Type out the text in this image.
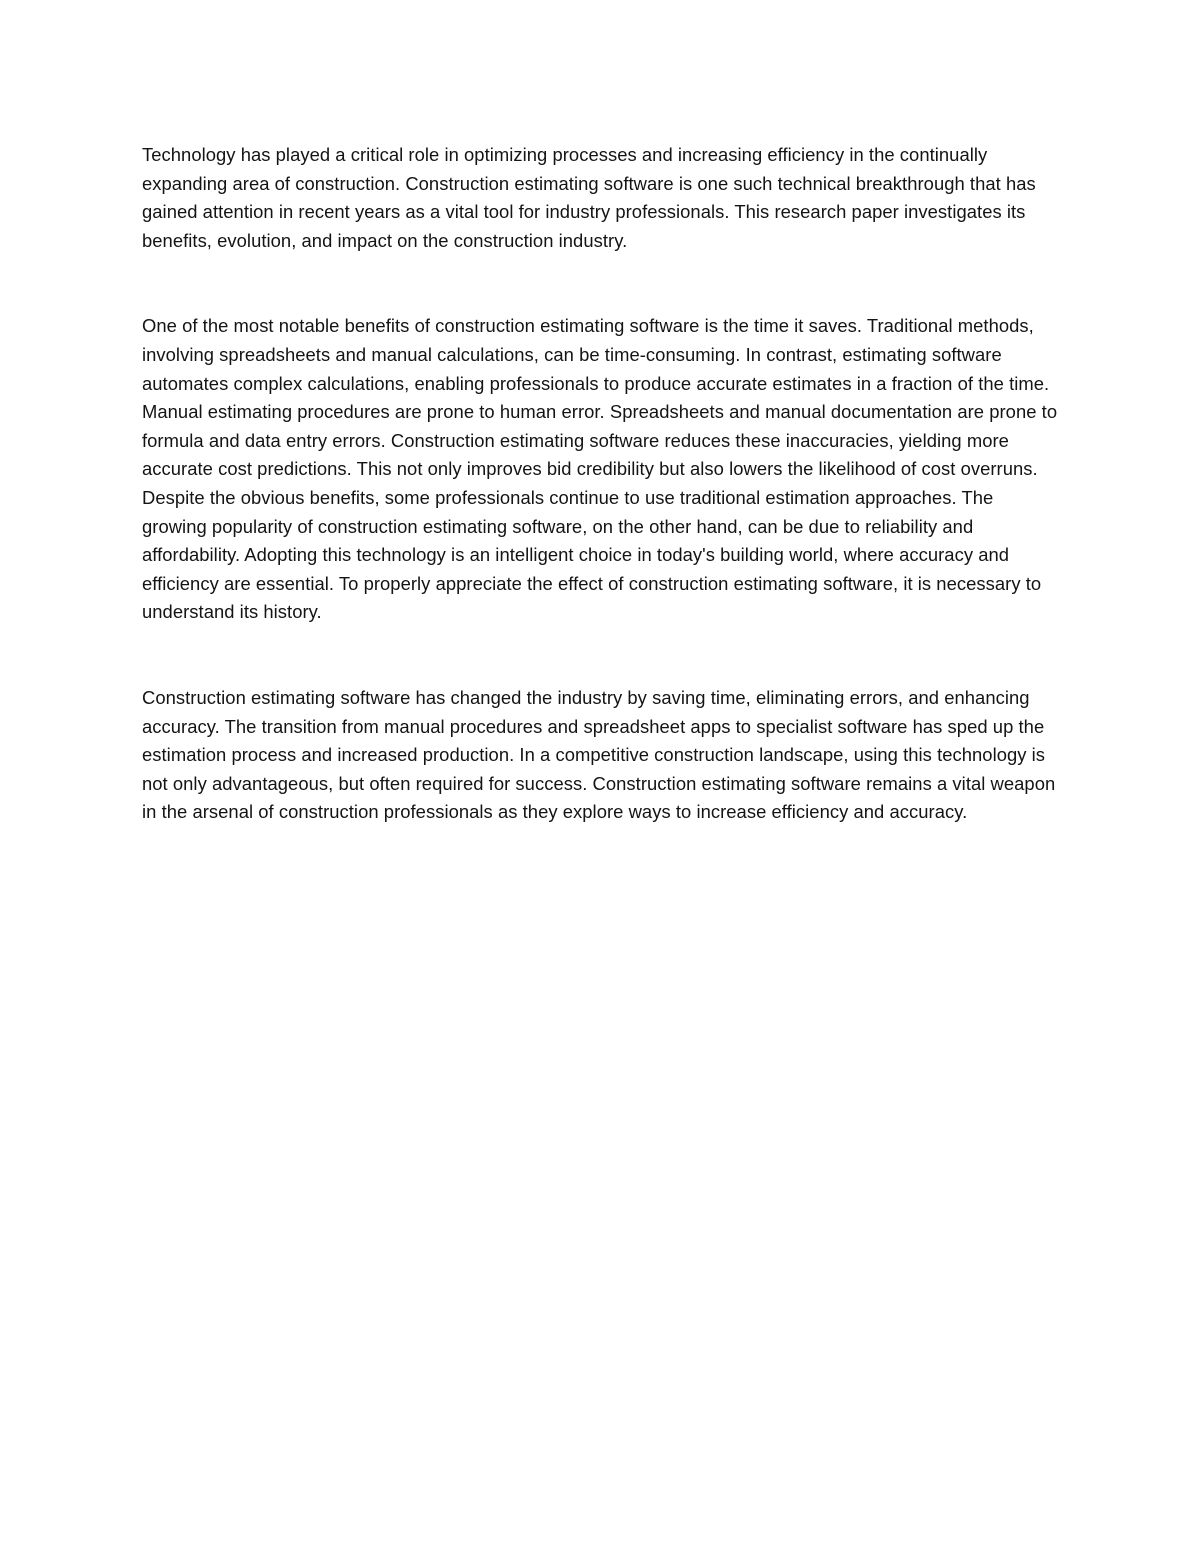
Technology has played a critical role in optimizing processes and increasing efficiency in the continually expanding area of construction. Construction estimating software is one such technical breakthrough that has gained attention in recent years as a vital tool for industry professionals. This research paper investigates its benefits, evolution, and impact on the construction industry.

One of the most notable benefits of construction estimating software is the time it saves. Traditional methods, involving spreadsheets and manual calculations, can be time-consuming. In contrast, estimating software automates complex calculations, enabling professionals to produce accurate estimates in a fraction of the time. Manual estimating procedures are prone to human error. Spreadsheets and manual documentation are prone to formula and data entry errors. Construction estimating software reduces these inaccuracies, yielding more accurate cost predictions. This not only improves bid credibility but also lowers the likelihood of cost overruns. Despite the obvious benefits, some professionals continue to use traditional estimation approaches. The growing popularity of construction estimating software, on the other hand, can be due to reliability and affordability. Adopting this technology is an intelligent choice in today's building world, where accuracy and efficiency are essential. To properly appreciate the effect of construction estimating software, it is necessary to understand its history.

Construction estimating software has changed the industry by saving time, eliminating errors, and enhancing accuracy. The transition from manual procedures and spreadsheet apps to specialist software has sped up the estimation process and increased production. In a competitive construction landscape, using this technology is not only advantageous, but often required for success. Construction estimating software remains a vital weapon in the arsenal of construction professionals as they explore ways to increase efficiency and accuracy.
